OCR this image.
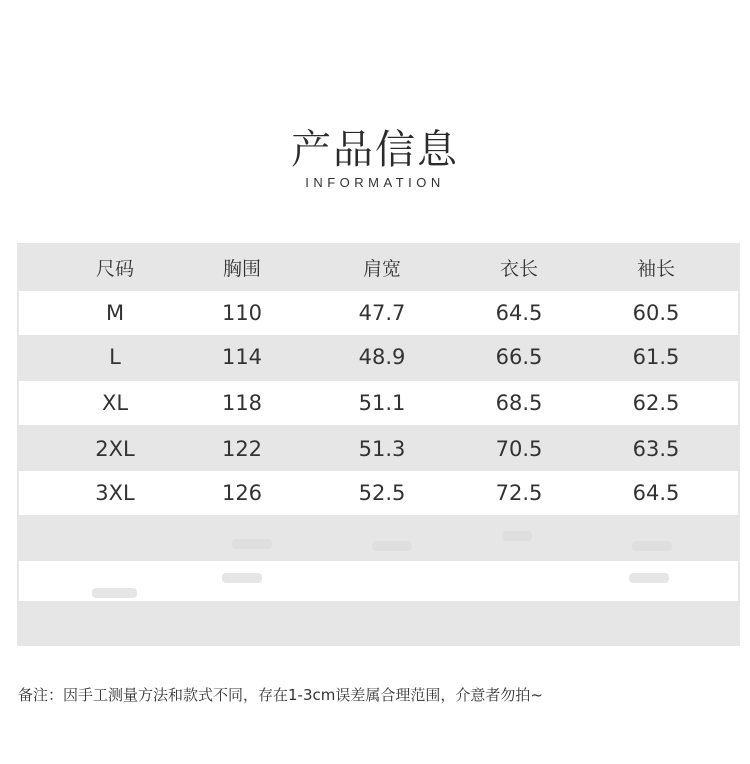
产品信息
INFORMATION
尺码	胸围	肩宽	衣长	袖长
M	110	47.7	64.5	60.5
L	114	48.9	66.5	61.5
XL	118	51.1	68.5	62.5
2XL	122	51.3	70.5	63.5
3XL	126	52.5	72.5	64.5
备注：因手工测量方法和款式不同，存在1-3cm误差属合理范围，介意者勿拍~
